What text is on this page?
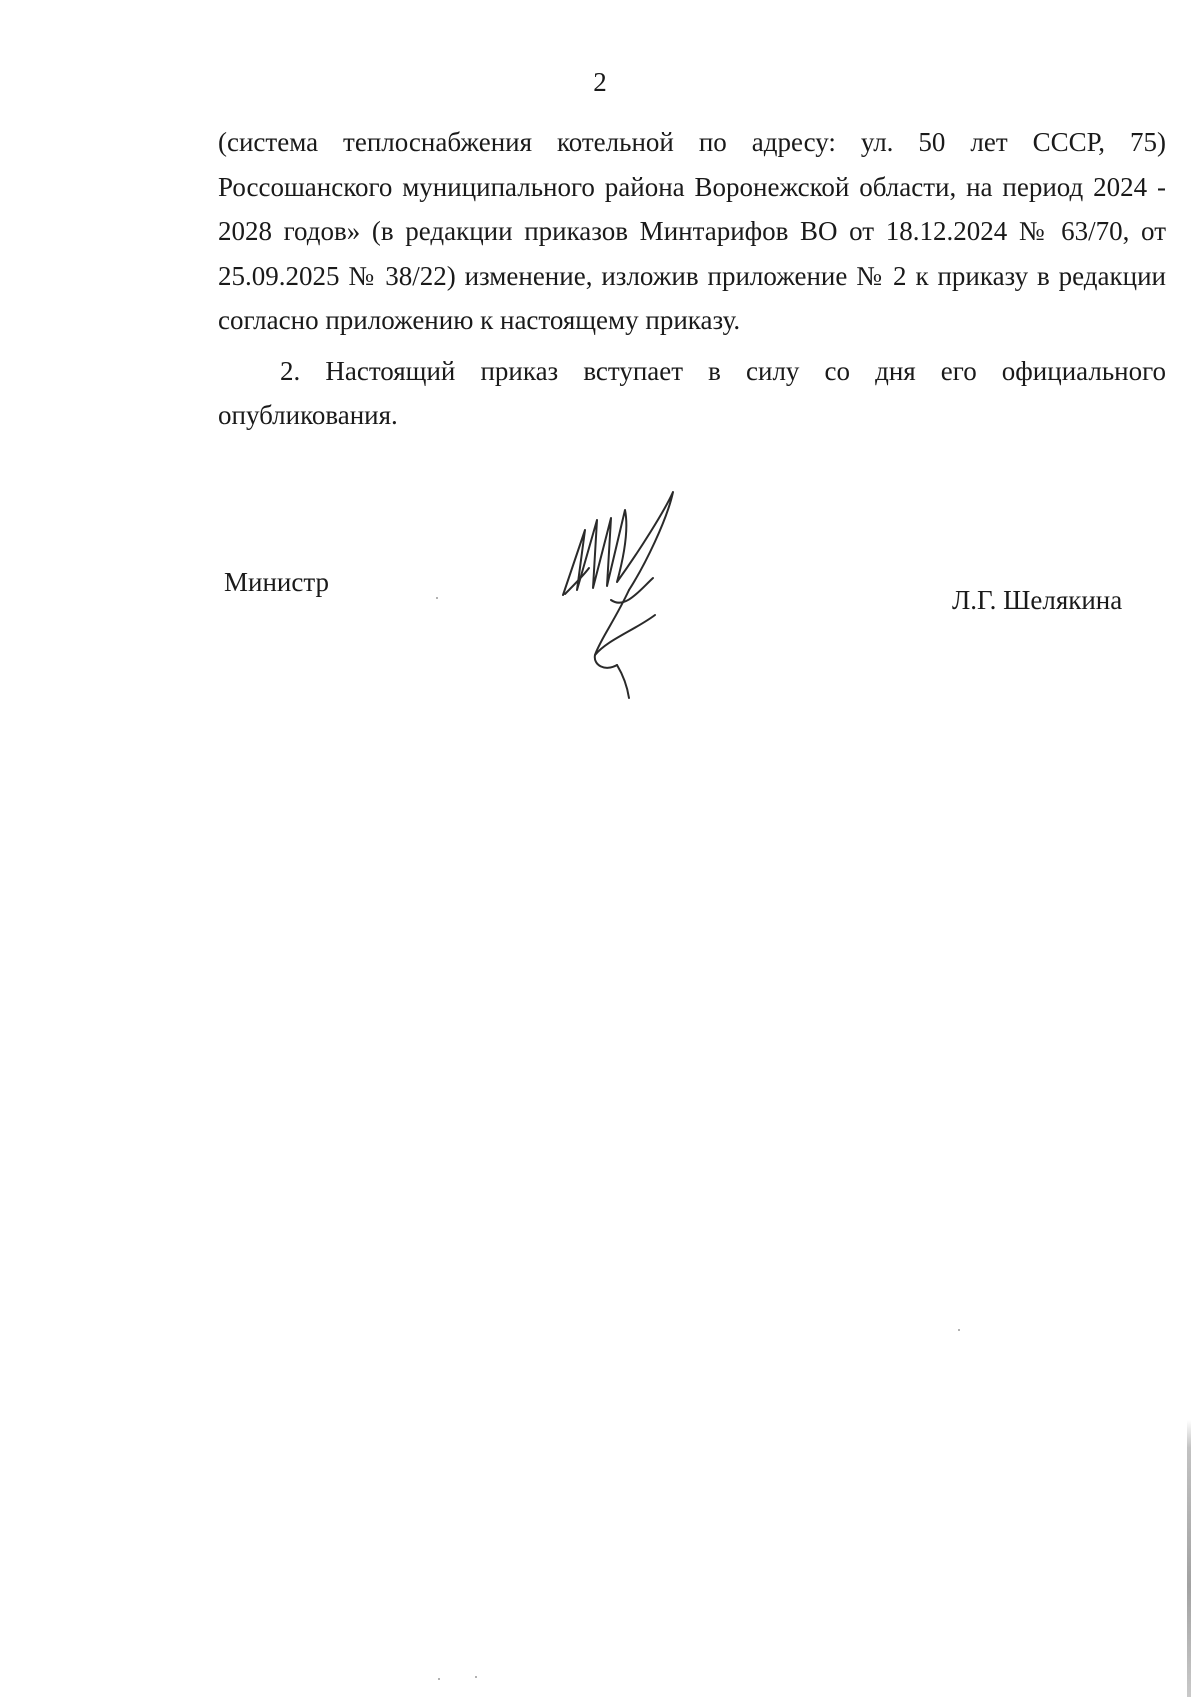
2

(система теплоснабжения котельной по адресу: ул. 50 лет СССР, 75) Россошанского муниципального района Воронежской области, на период 2024 - 2028 годов» (в редакции приказов Минтарифов ВО от 18.12.2024 № 63/70, от 25.09.2025 № 38/22) изменение, изложив приложение № 2 к приказу в редакции согласно приложению к настоящему приказу.

2. Настоящий приказ вступает в силу со дня его официального опубликования.

Министр
Л.Г. Шелякина
